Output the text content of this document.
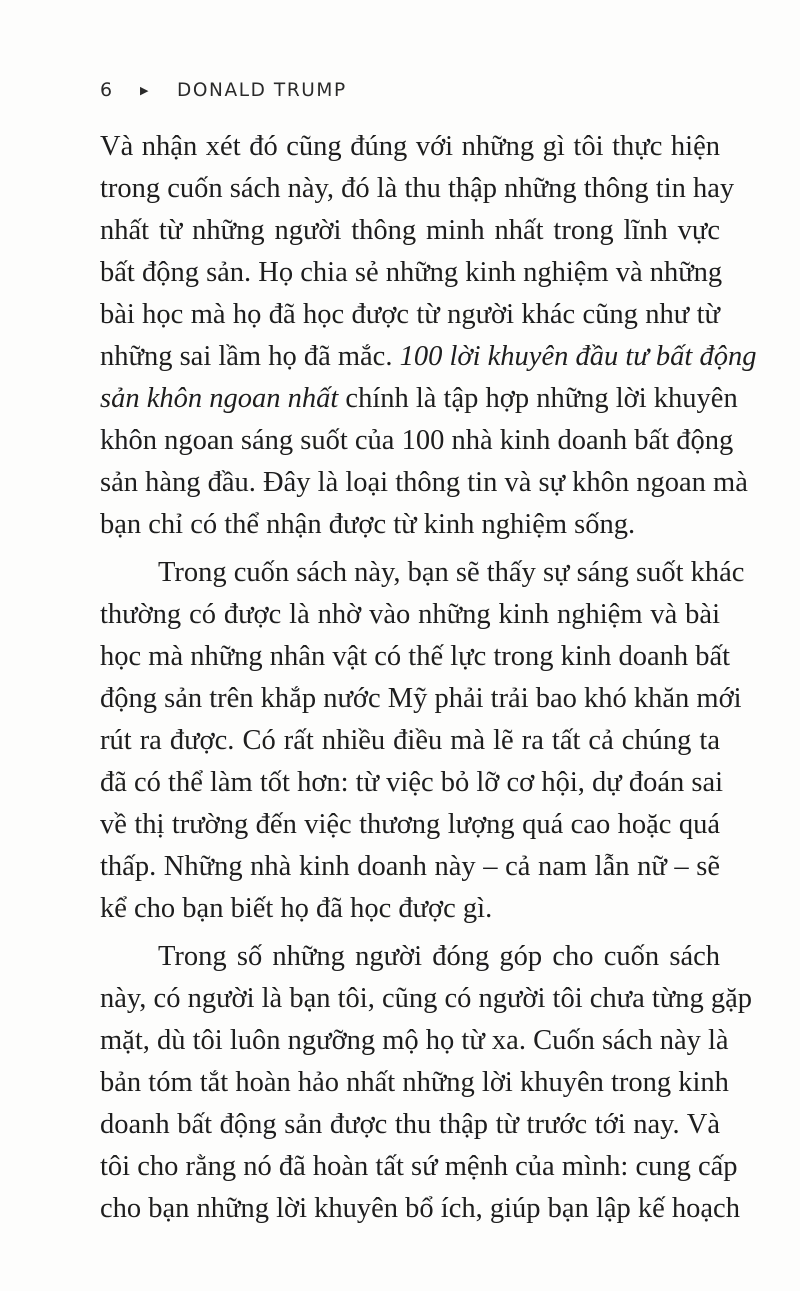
6	▶	DONALD TRUMP
Và nhận xét đó cũng đúng với những gì tôi thực hiện
trong cuốn sách này, đó là thu thập những thông tin hay
nhất từ những người thông minh nhất trong lĩnh vực
bất động sản. Họ chia sẻ những kinh nghiệm và những
bài học mà họ đã học được từ người khác cũng như từ
những sai lầm họ đã mắc. 100 lời khuyên đầu tư bất động
sản khôn ngoan nhất chính là tập hợp những lời khuyên
khôn ngoan sáng suốt của 100 nhà kinh doanh bất động
sản hàng đầu. Đây là loại thông tin và sự khôn ngoan mà
bạn chỉ có thể nhận được từ kinh nghiệm sống.
Trong cuốn sách này, bạn sẽ thấy sự sáng suốt khác
thường có được là nhờ vào những kinh nghiệm và bài
học mà những nhân vật có thế lực trong kinh doanh bất
động sản trên khắp nước Mỹ phải trải bao khó khăn mới
rút ra được. Có rất nhiều điều mà lẽ ra tất cả chúng ta
đã có thể làm tốt hơn: từ việc bỏ lỡ cơ hội, dự đoán sai
về thị trường đến việc thương lượng quá cao hoặc quá
thấp. Những nhà kinh doanh này – cả nam lẫn nữ – sẽ
kể cho bạn biết họ đã học được gì.
Trong số những người đóng góp cho cuốn sách
này, có người là bạn tôi, cũng có người tôi chưa từng gặp
mặt, dù tôi luôn ngưỡng mộ họ từ xa. Cuốn sách này là
bản tóm tắt hoàn hảo nhất những lời khuyên trong kinh
doanh bất động sản được thu thập từ trước tới nay. Và
tôi cho rằng nó đã hoàn tất sứ mệnh của mình: cung cấp
cho bạn những lời khuyên bổ ích, giúp bạn lập kế hoạch
